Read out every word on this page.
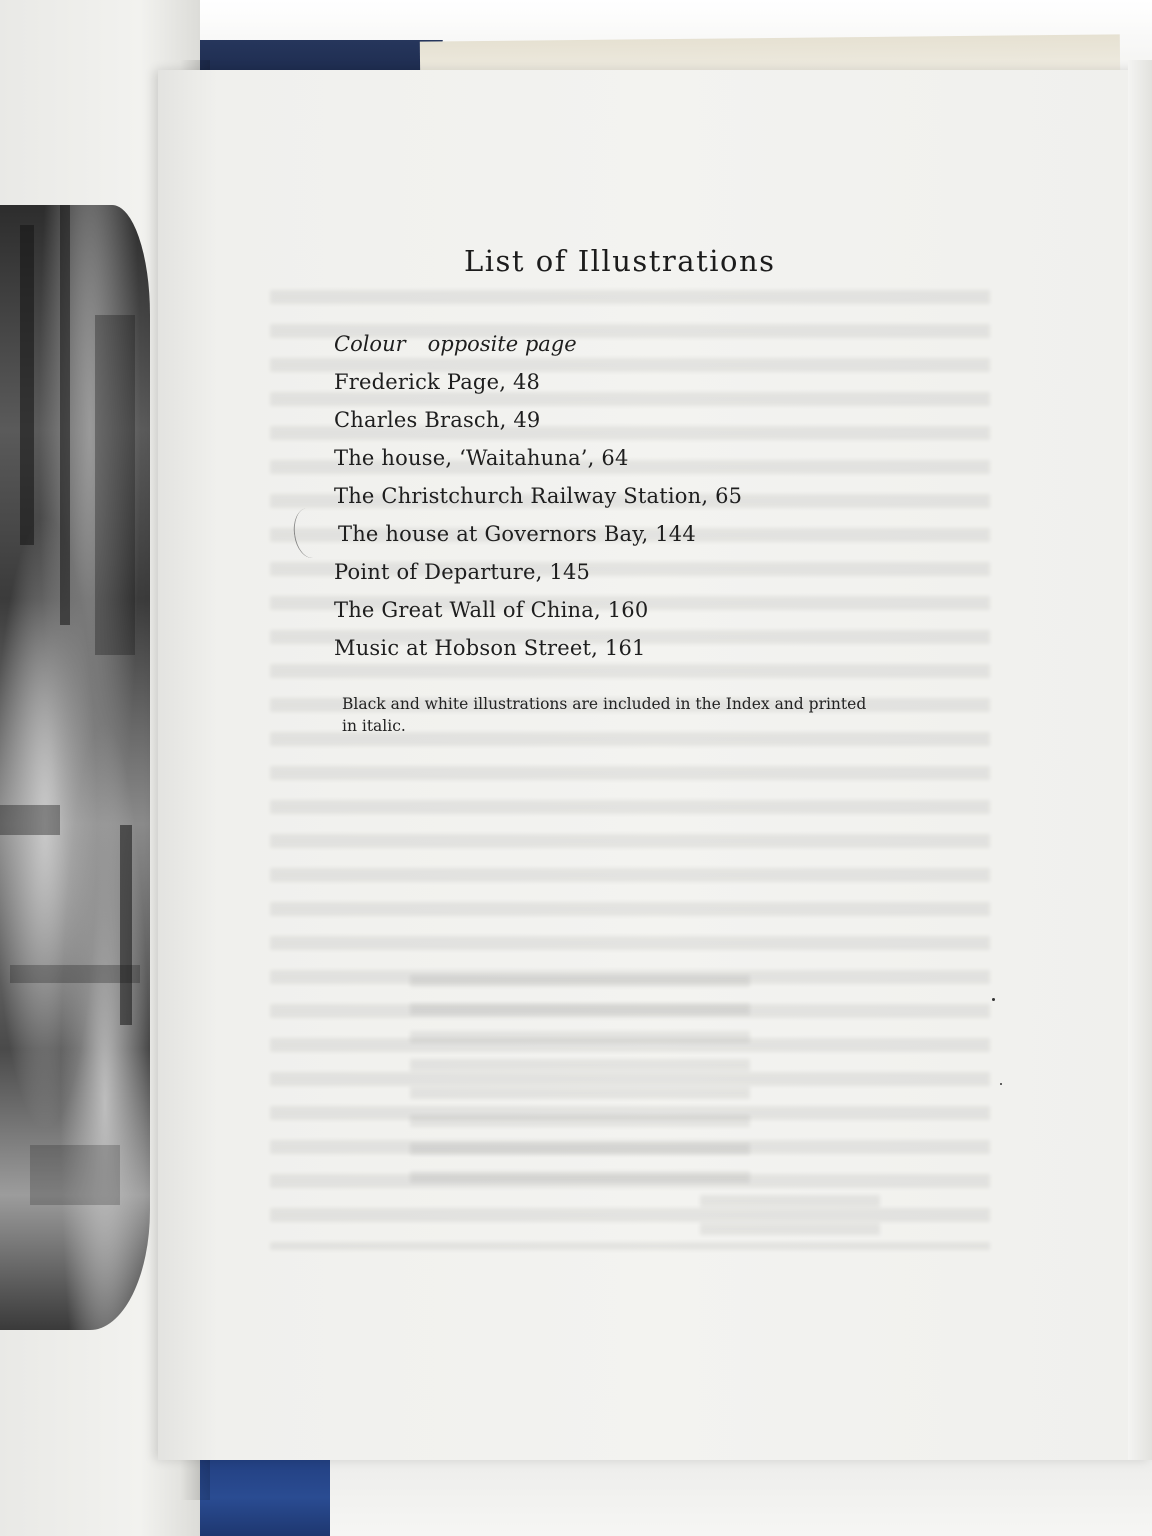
List of Illustrations
Colour opposite page
Frederick Page, 48
Charles Brasch, 49
The house, ‘Waitahuna’, 64
The Christchurch Railway Station, 65
The house at Governors Bay, 144
Point of Departure, 145
The Great Wall of China, 160
Music at Hobson Street, 161
Black and white illustrations are included in the Index and printed
in italic.
